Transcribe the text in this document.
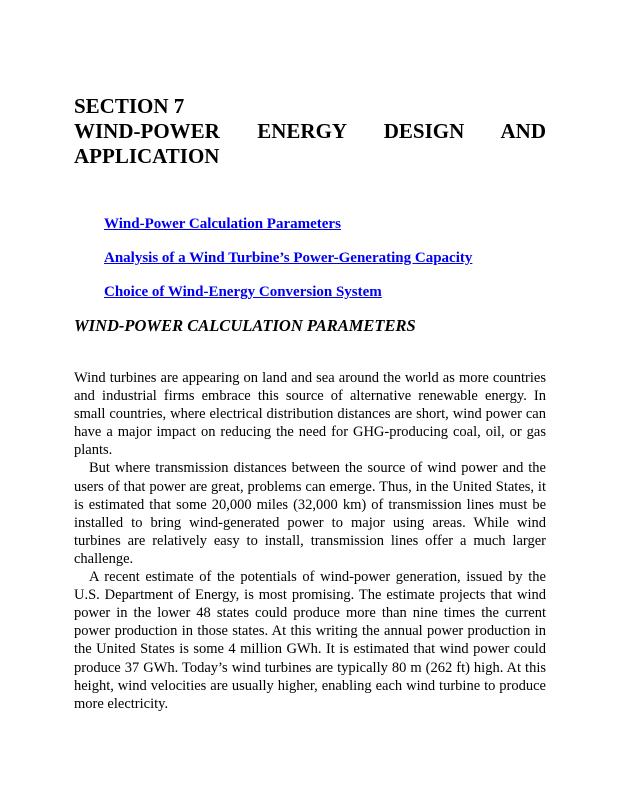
SECTION 7
WIND-POWER ENERGY DESIGN AND APPLICATION
Wind-Power Calculation Parameters
Analysis of a Wind Turbine’s Power-Generating Capacity
Choice of Wind-Energy Conversion System
WIND-POWER CALCULATION PARAMETERS

Wind turbines are appearing on land and sea around the world as more countries and industrial firms embrace this source of alternative renewable energy. In small countries, where electrical distribution distances are short, wind power can have a major impact on reducing the need for GHG-producing coal, oil, or gas plants.

But where transmission distances between the source of wind power and the users of that power are great, problems can emerge. Thus, in the United States, it is estimated that some 20,000 miles (32,000 km) of transmission lines must be installed to bring wind-generated power to major using areas. While wind turbines are relatively easy to install, transmission lines offer a much larger challenge.

A recent estimate of the potentials of wind-power generation, issued by the U.S. Department of Energy, is most promising. The estimate projects that wind power in the lower 48 states could produce more than nine times the current power production in those states. At this writing the annual power production in the United States is some 4 million GWh. It is estimated that wind power could produce 37 GWh. Today’s wind turbines are typically 80 m (262 ft) high. At this height, wind velocities are usually higher, enabling each wind turbine to produce more electricity.
